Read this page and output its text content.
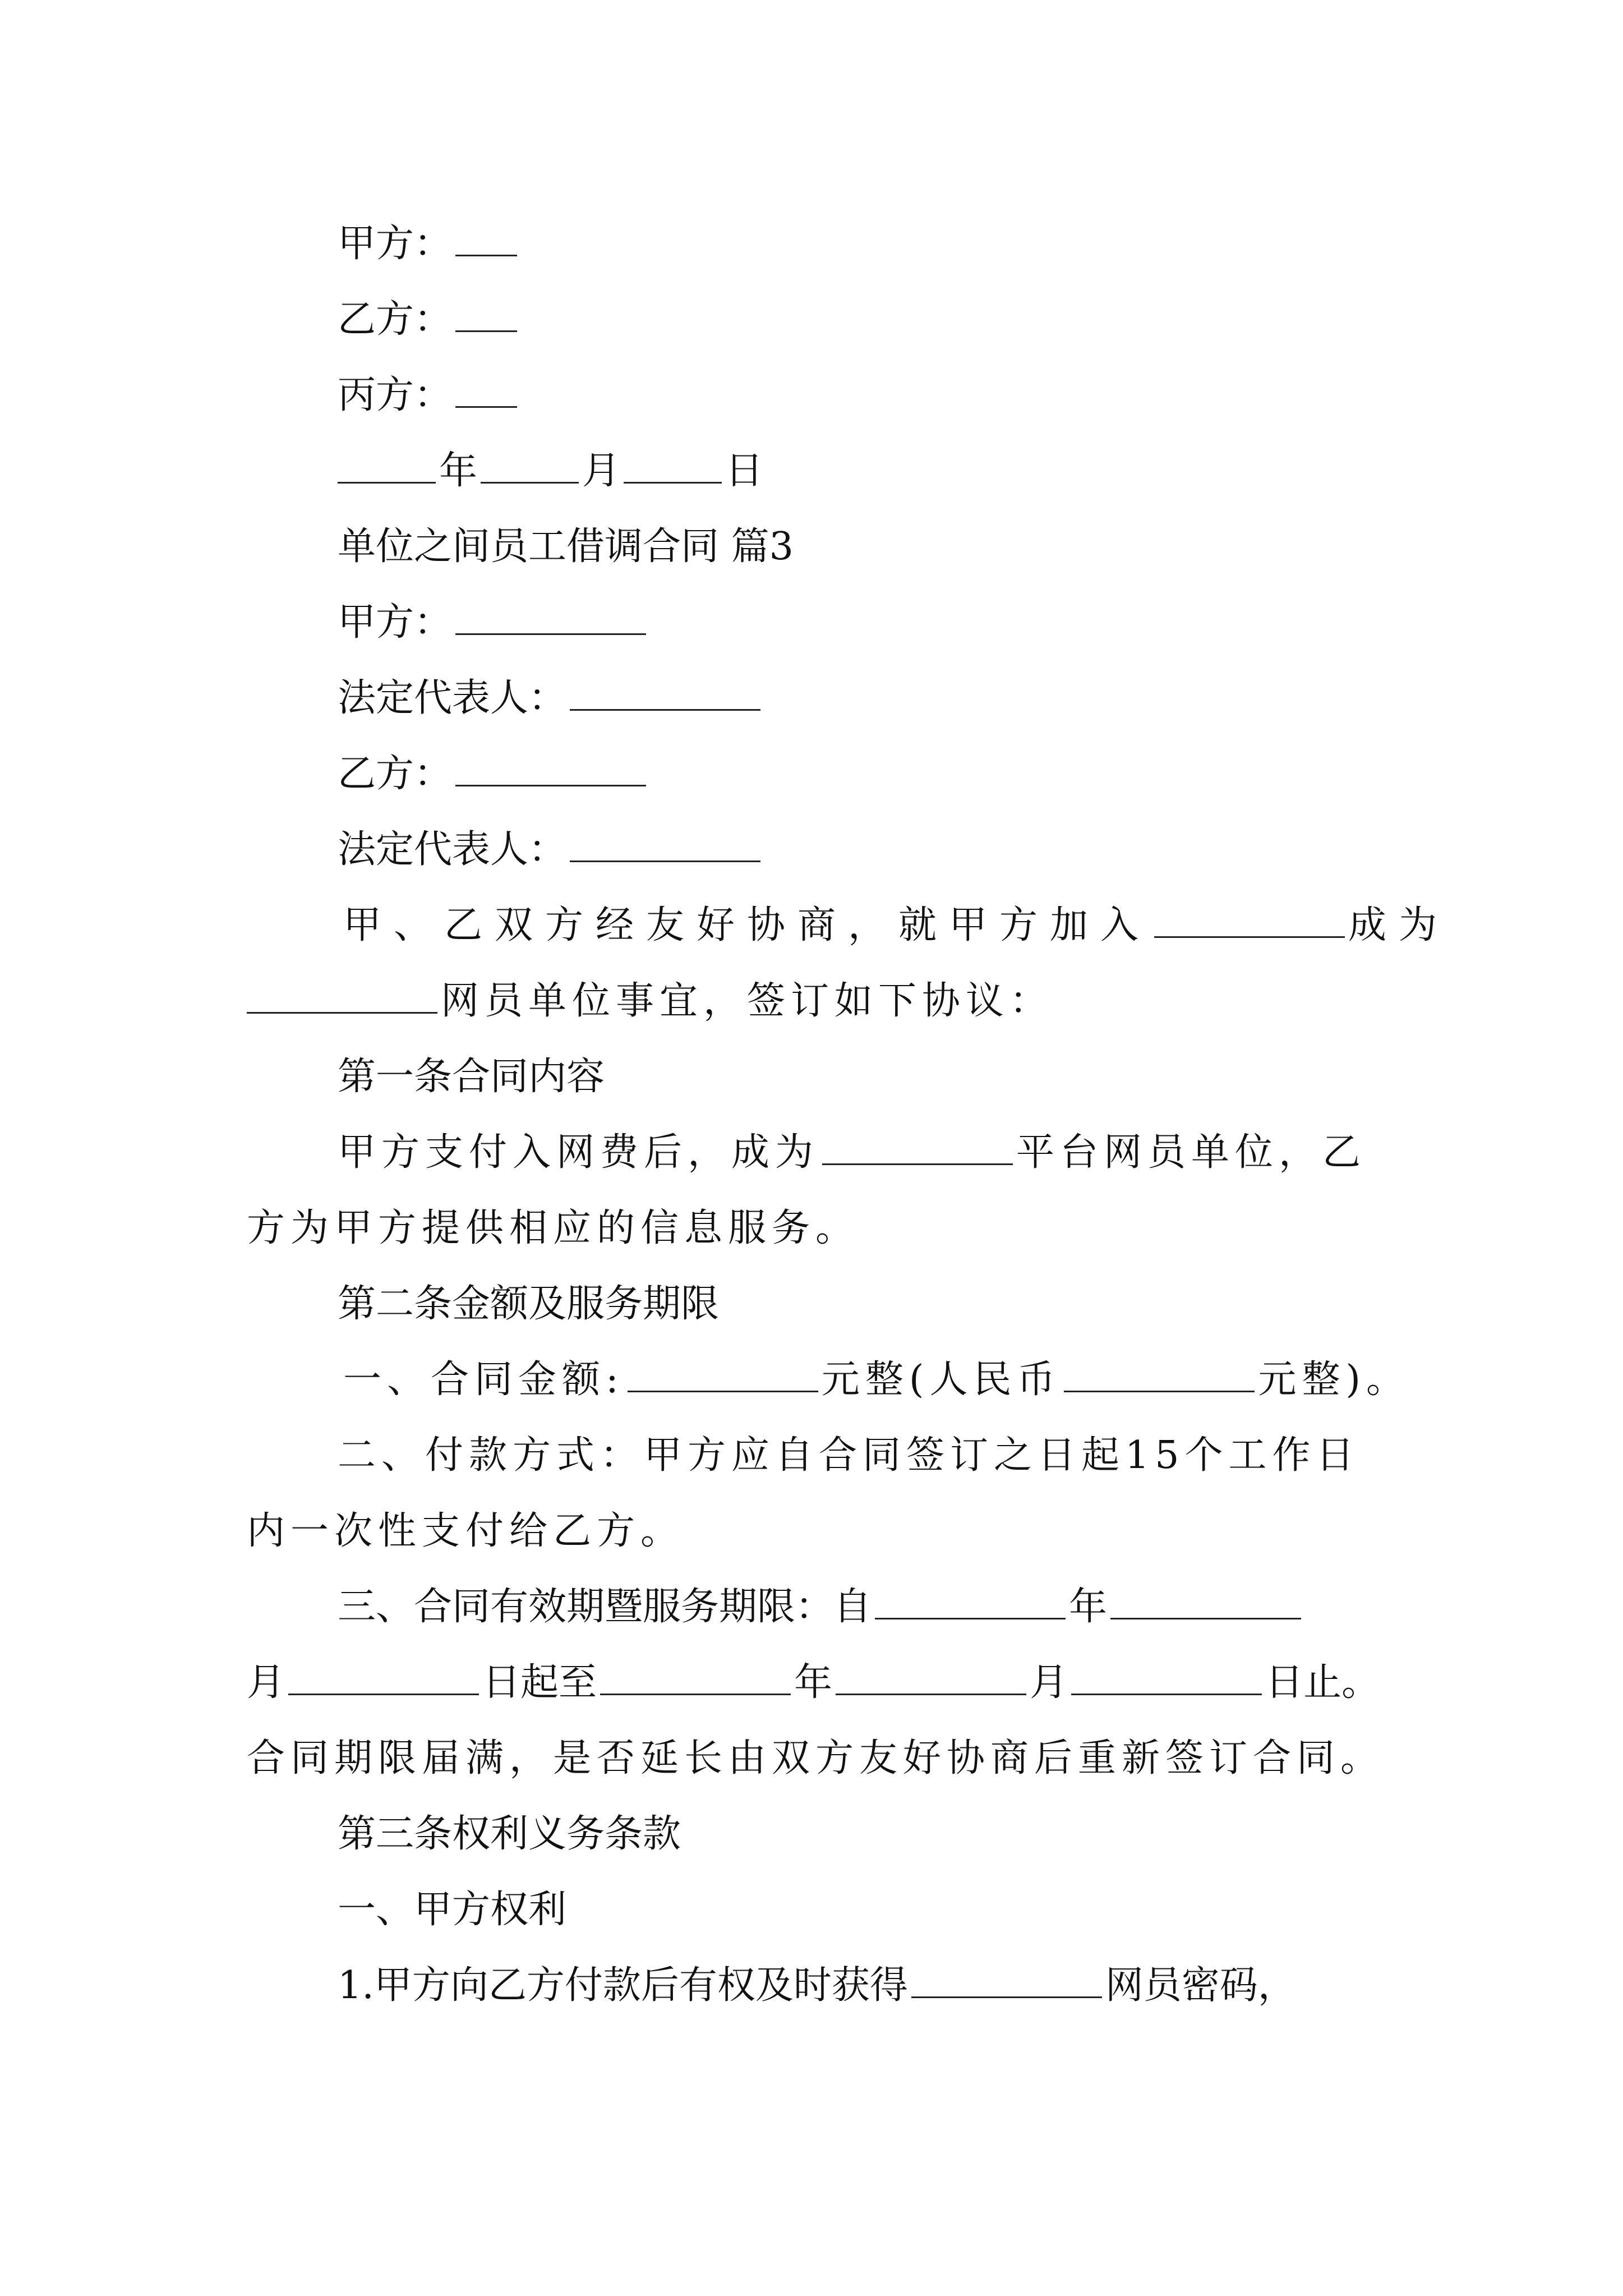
甲方：
乙方：
丙方：
年	月	日
单位之间员工借调合同 篇3
甲方：
法定代表人：
乙方：
法定代表人：
甲、乙双方经友好协商，就甲方加入	成为
网员单位事宜，签订如下协议：
第一条合同内容
甲方支付入网费后，成为	平台网员单位，乙
方为甲方提供相应的信息服务。
第二条金额及服务期限
一、合同金额:	元整(人民币	元整)。
二、付款方式：甲方应自合同签订之日起15个工作日
内一次性支付给乙方。
三、合同有效期暨服务期限：自	年
月	日起至	年	月	日止。
合同期限届满，是否延长由双方友好协商后重新签订合同。
第三条权利义务条款
一、甲方权利
1.甲方向乙方付款后有权及时获得	网员密码，
